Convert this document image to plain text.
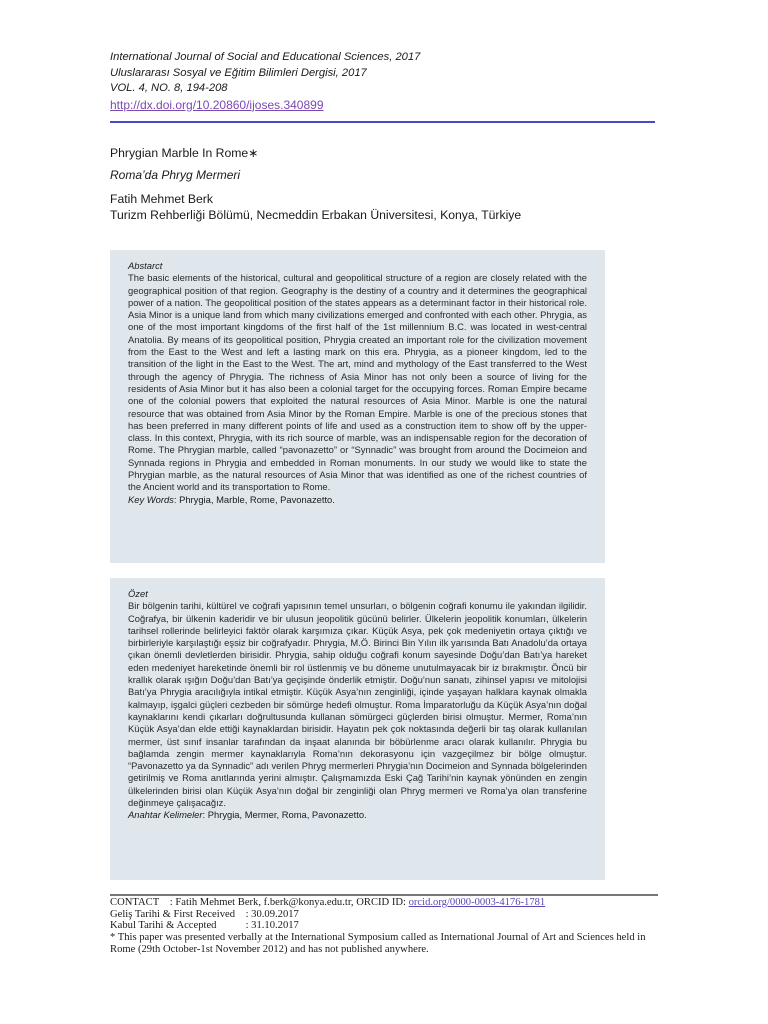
International Journal of Social and Educational Sciences, 2017
Uluslararası Sosyal ve Eğitim Bilimleri Dergisi, 2017
VOL. 4, NO. 8, 194-208
http://dx.doi.org/10.20860/ijoses.340899
Phrygian Marble In Rome∗
Roma’da Phryg Mermeri
Fatih Mehmet Berk
Turizm Rehberliği Bölümü, Necmeddin Erbakan Üniversitesi, Konya, Türkiye
Abstarct
The basic elements of the historical, cultural and geopolitical structure of a region are closely related with the geographical position of that region. Geography is the destiny of a country and it determines the geographical power of a nation. The geopolitical position of the states appears as a determinant factor in their historical role. Asia Minor is a unique land from which many civilizations emerged and confronted with each other. Phrygia, as one of the most important kingdoms of the first half of the 1st millennium B.C. was located in west-central Anatolia. By means of its geopolitical position, Phrygia created an important role for the civilization movement from the East to the West and left a lasting mark on this era. Phrygia, as a pioneer kingdom, led to the transition of the light in the East to the West. The art, mind and mythology of the East transferred to the West through the agency of Phrygia. The richness of Asia Minor has not only been a source of living for the residents of Asia Minor but it has also been a colonial target for the occupying forces. Roman Empire became one of the colonial powers that exploited the natural resources of Asia Minor. Marble is one the natural resource that was obtained from Asia Minor by the Roman Empire. Marble is one of the precious stones that has been preferred in many different points of life and used as a construction item to show off by the upper-class. In this context, Phrygia, with its rich source of marble, was an indispensable region for the decoration of Rome. The Phrygian marble, called “pavonazetto” or “Synnadic” was brought from around the Docimeion and Synnada regions in Phrygia and embedded in Roman monuments. In our study we would like to state the Phrygian marble, as the natural resources of Asia Minor that was identified as one of the richest countries of the Ancient world and its transportation to Rome.
Key Words: Phrygia, Marble, Rome, Pavonazetto.
Özet
Bir bölgenin tarihi, kültürel ve coğrafi yapısının temel unsurları, o bölgenin coğrafi konumu ile yakından ilgilidir. Coğrafya, bir ülkenin kaderidir ve bir ulusun jeopolitik gücünü belirler. Ülkelerin jeopolitik konumları, ülkelerin tarihsel rollerinde belirleyici faktör olarak karşımıza çıkar. Küçük Asya, pek çok medeniyetin ortaya çıktığı ve birbirleriyle karşılaştığı eşsiz bir coğrafyadır. Phrygia, M.Ö. Birinci Bin Yılın ilk yarısında Batı Anadolu’da ortaya çıkan önemli devletlerden birisidir. Phrygia, sahip olduğu coğrafi konum sayesinde Doğu’dan Batı’ya hareket eden medeniyet hareketinde önemli bir rol üstlenmiş ve bu döneme unutulmayacak bir iz bırakmıştır. Öncü bir krallık olarak ışığın Doğu’dan Batı’ya geçişinde önderlik etmiştir. Doğu’nun sanatı, zihinsel yapısı ve mitolojisi Batı’ya Phrygia aracılığıyla intikal etmiştir. Küçük Asya’nın zenginliği, içinde yaşayan halklara kaynak olmakla kalmayıp, işgalci güçleri cezbeden bir sömürge hedefi olmuştur. Roma İmparatorluğu da Küçük Asya’nın doğal kaynaklarını kendi çıkarları doğrultusunda kullanan sömürgeci güçlerden birisi olmuştur. Mermer, Roma’nın Küçük Asya’dan elde ettiği kaynaklardan birisidir. Hayatın pek çok noktasında değerli bir taş olarak kullanılan mermer, üst sınıf insanlar tarafından da inşaat alanında bir böbürlenme aracı olarak kullanılır. Phrygia bu bağlamda zengin mermer kaynaklarıyla Roma’nın dekorasyonu için vazgeçilmez bir bölge olmuştur. “Pavonazetto ya da Synnadic” adı verilen Phryg mermerleri Phrygia’nın Docimeion and Synnada bölgelerinden getirilmiş ve Roma anıtlarında yerini almıştır. Çalışmamızda Eski Çağ Tarihi’nin kaynak yönünden en zengin ülkelerinden birisi olan Küçük Asya’nın doğal bir zenginliği olan Phryg mermeri ve Roma’ya olan transferine değinmeye çalışacağız.
Anahtar Kelimeler: Phrygia, Mermer, Roma, Pavonazetto.
CONTACT : Fatih Mehmet Berk, f.berk@konya.edu.tr, ORCID ID: orcid.org/0000-0003-4176-1781
Geliş Tarihi & First Received    : 30.09.2017
Kabul Tarihi & Accepted           : 31.10.2017
* This paper was presented verbally at the International Symposium called as International Journal of Art and Sciences held in Rome (29th October-1st November 2012) and has not published anywhere.
